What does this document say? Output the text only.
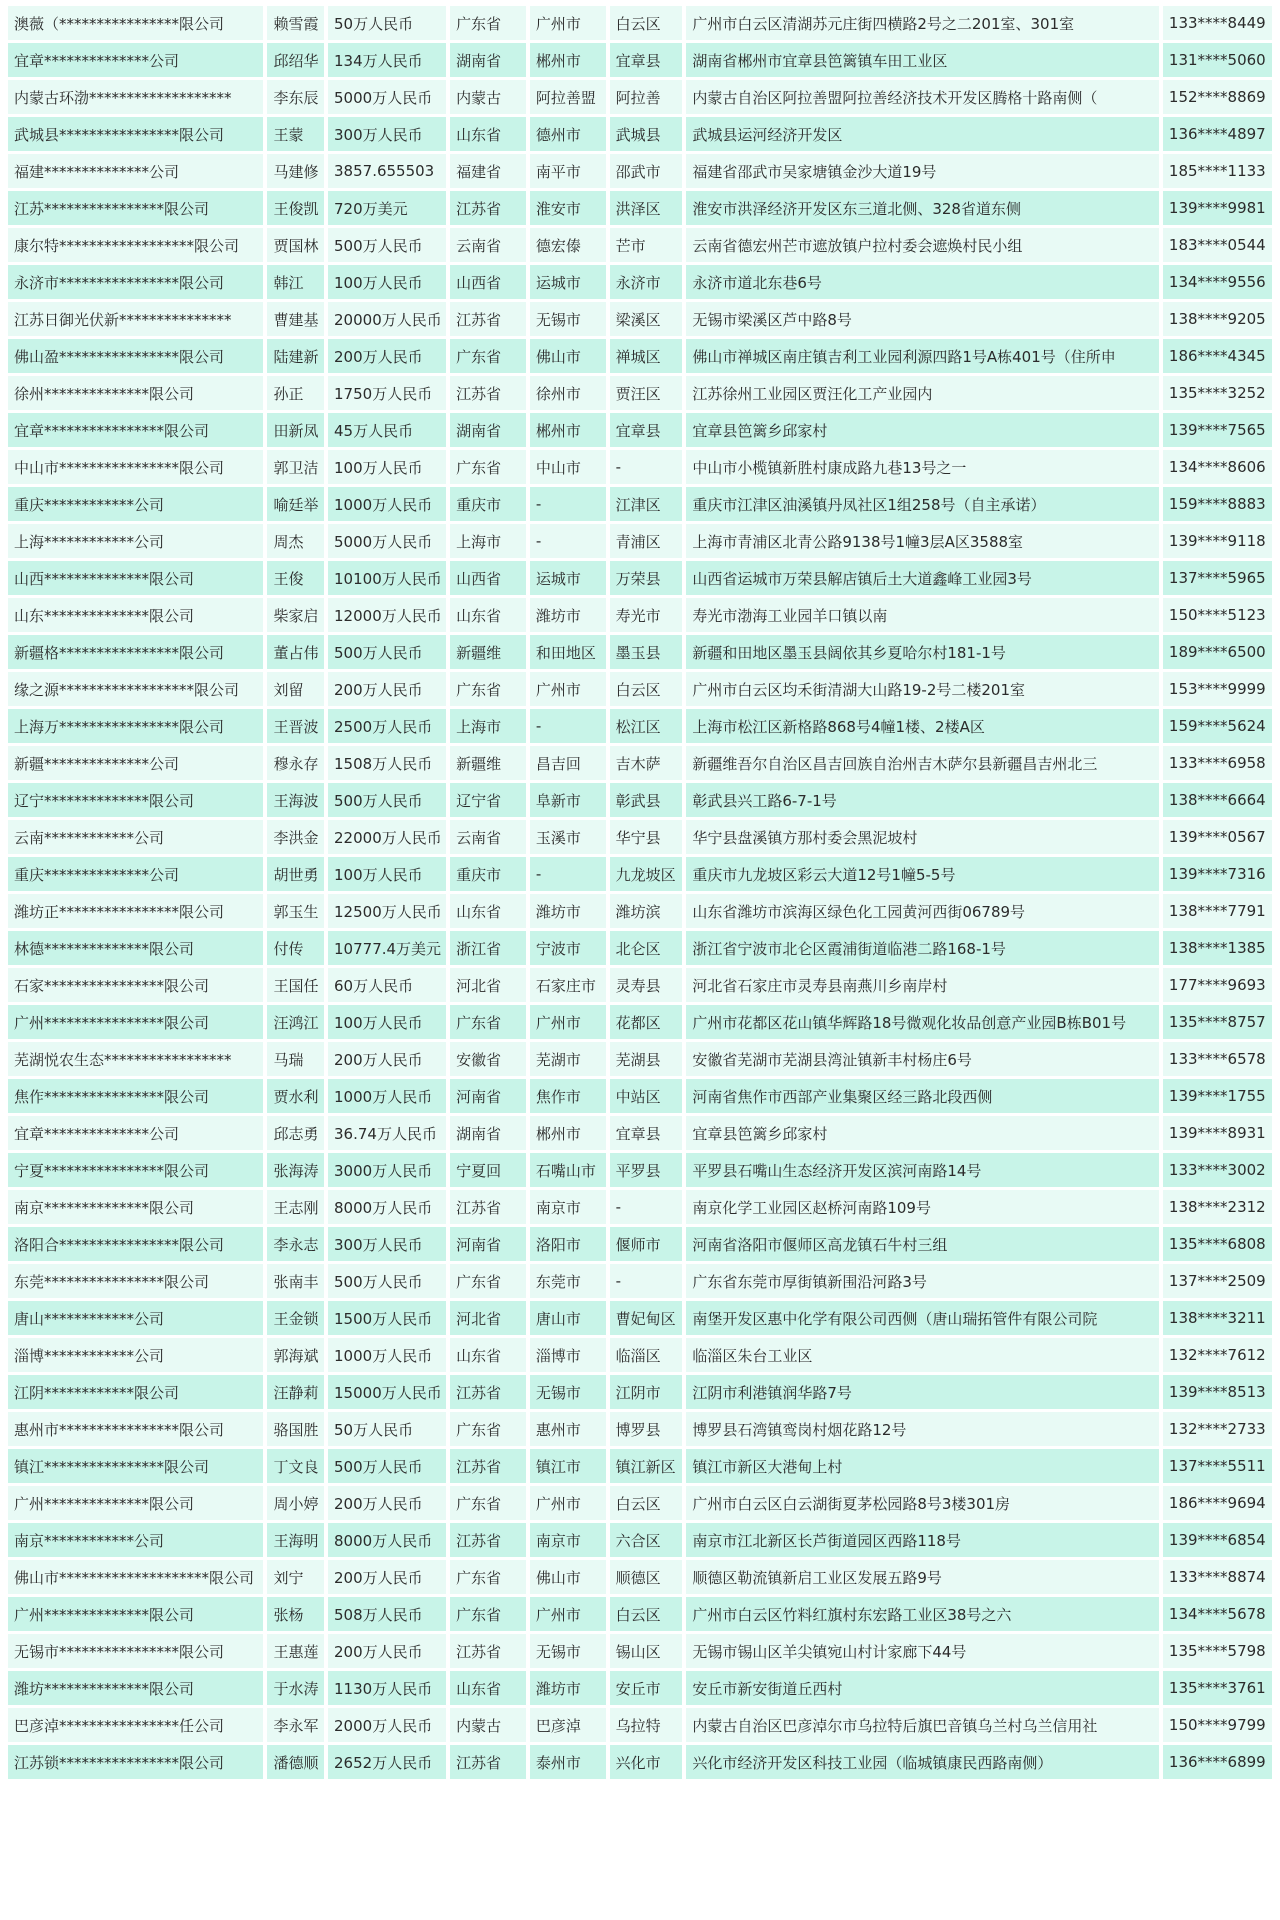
澳薇（****************限公司	赖雪霞	50万人民币	广东省	广州市	白云区	广州市白云区清湖苏元庄街四横路2号之二201室、301室	133****8449
宜章**************公司	邱绍华	134万人民币	湖南省	郴州市	宜章县	湖南省郴州市宜章县笆篱镇车田工业区	131****5060
内蒙古环渤*******************	李东辰	5000万人民币	内蒙古	阿拉善盟	阿拉善	内蒙古自治区阿拉善盟阿拉善经济技术开发区腾格十路南侧（	152****8869
武城县****************限公司	王蒙	300万人民币	山东省	德州市	武城县	武城县运河经济开发区	136****4897
福建**************公司	马建修	3857.655503	福建省	南平市	邵武市	福建省邵武市吴家塘镇金沙大道19号	185****1133
江苏****************限公司	王俊凯	720万美元	江苏省	淮安市	洪泽区	淮安市洪泽经济开发区东三道北侧、328省道东侧	139****9981
康尔特******************限公司	贾国林	500万人民币	云南省	德宏傣	芒市	云南省德宏州芒市遮放镇户拉村委会遮焕村民小组	183****0544
永济市****************限公司	韩江	100万人民币	山西省	运城市	永济市	永济市道北东巷6号	134****9556
江苏日御光伏新***************	曹建基	20000万人民币	江苏省	无锡市	梁溪区	无锡市梁溪区芦中路8号	138****9205
佛山盈****************限公司	陆建新	200万人民币	广东省	佛山市	禅城区	佛山市禅城区南庄镇吉利工业园利源四路1号A栋401号（住所申	186****4345
徐州**************限公司	孙正	1750万人民币	江苏省	徐州市	贾汪区	江苏徐州工业园区贾汪化工产业园内	135****3252
宜章****************限公司	田新凤	45万人民币	湖南省	郴州市	宜章县	宜章县笆篱乡邱家村	139****7565
中山市****************限公司	郭卫洁	100万人民币	广东省	中山市	-	中山市小榄镇新胜村康成路九巷13号之一	134****8606
重庆************公司	喻廷举	1000万人民币	重庆市	-	江津区	重庆市江津区油溪镇丹凤社区1组258号（自主承诺）	159****8883
上海************公司	周杰	5000万人民币	上海市	-	青浦区	上海市青浦区北青公路9138号1幢3层A区3588室	139****9118
山西**************限公司	王俊	10100万人民币	山西省	运城市	万荣县	山西省运城市万荣县解店镇后土大道鑫峰工业园3号	137****5965
山东**************限公司	柴家启	12000万人民币	山东省	潍坊市	寿光市	寿光市渤海工业园羊口镇以南	150****5123
新疆格****************限公司	董占伟	500万人民币	新疆维	和田地区	墨玉县	新疆和田地区墨玉县阔依其乡夏哈尔村181-1号	189****6500
缘之源******************限公司	刘留	200万人民币	广东省	广州市	白云区	广州市白云区均禾街清湖大山路19-2号二楼201室	153****9999
上海万****************限公司	王晋波	2500万人民币	上海市	-	松江区	上海市松江区新格路868号4幢1楼、2楼A区	159****5624
新疆**************公司	穆永存	1508万人民币	新疆维	昌吉回	吉木萨	新疆维吾尔自治区昌吉回族自治州吉木萨尔县新疆昌吉州北三	133****6958
辽宁**************限公司	王海波	500万人民币	辽宁省	阜新市	彰武县	彰武县兴工路6-7-1号	138****6664
云南************公司	李洪金	22000万人民币	云南省	玉溪市	华宁县	华宁县盘溪镇方那村委会黑泥坡村	139****0567
重庆**************公司	胡世勇	100万人民币	重庆市	-	九龙坡区	重庆市九龙坡区彩云大道12号1幢5-5号	139****7316
潍坊正****************限公司	郭玉生	12500万人民币	山东省	潍坊市	潍坊滨	山东省潍坊市滨海区绿色化工园黄河西街06789号	138****7791
林德**************限公司	付传	10777.4万美元	浙江省	宁波市	北仑区	浙江省宁波市北仑区霞浦街道临港二路168-1号	138****1385
石家****************限公司	王国任	60万人民币	河北省	石家庄市	灵寿县	河北省石家庄市灵寿县南燕川乡南岸村	177****9693
广州****************限公司	汪鸿江	100万人民币	广东省	广州市	花都区	广州市花都区花山镇华辉路18号微观化妆品创意产业园B栋B01号	135****8757
芜湖悦农生态*****************	马瑞	200万人民币	安徽省	芜湖市	芜湖县	安徽省芜湖市芜湖县湾沚镇新丰村杨庄6号	133****6578
焦作****************限公司	贾水利	1000万人民币	河南省	焦作市	中站区	河南省焦作市西部产业集聚区经三路北段西侧	139****1755
宜章**************公司	邱志勇	36.74万人民币	湖南省	郴州市	宜章县	宜章县笆篱乡邱家村	139****8931
宁夏****************限公司	张海涛	3000万人民币	宁夏回	石嘴山市	平罗县	平罗县石嘴山生态经济开发区滨河南路14号	133****3002
南京**************限公司	王志刚	8000万人民币	江苏省	南京市	-	南京化学工业园区赵桥河南路109号	138****2312
洛阳合****************限公司	李永志	300万人民币	河南省	洛阳市	偃师市	河南省洛阳市偃师区高龙镇石牛村三组	135****6808
东莞****************限公司	张南丰	500万人民币	广东省	东莞市	-	广东省东莞市厚街镇新围沿河路3号	137****2509
唐山************公司	王金锁	1500万人民币	河北省	唐山市	曹妃甸区	南堡开发区惠中化学有限公司西侧（唐山瑞拓管件有限公司院	138****3211
淄博************公司	郭海斌	1000万人民币	山东省	淄博市	临淄区	临淄区朱台工业区	132****7612
江阴************限公司	汪静莉	15000万人民币	江苏省	无锡市	江阴市	江阴市利港镇润华路7号	139****8513
惠州市****************限公司	骆国胜	50万人民币	广东省	惠州市	博罗县	博罗县石湾镇鸾岗村烟花路12号	132****2733
镇江****************限公司	丁文良	500万人民币	江苏省	镇江市	镇江新区	镇江市新区大港甸上村	137****5511
广州**************限公司	周小婷	200万人民币	广东省	广州市	白云区	广州市白云区白云湖街夏茅松园路8号3楼301房	186****9694
南京************公司	王海明	8000万人民币	江苏省	南京市	六合区	南京市江北新区长芦街道园区西路118号	139****6854
佛山市********************限公司	刘宁	200万人民币	广东省	佛山市	顺德区	顺德区勒流镇新启工业区发展五路9号	133****8874
广州**************限公司	张杨	508万人民币	广东省	广州市	白云区	广州市白云区竹料红旗村东宏路工业区38号之六	134****5678
无锡市****************限公司	王惠莲	200万人民币	江苏省	无锡市	锡山区	无锡市锡山区羊尖镇宛山村计家廊下44号	135****5798
潍坊**************限公司	于水涛	1130万人民币	山东省	潍坊市	安丘市	安丘市新安街道丘西村	135****3761
巴彦淖****************任公司	李永军	2000万人民币	内蒙古	巴彦淖	乌拉特	内蒙古自治区巴彦淖尔市乌拉特后旗巴音镇乌兰村乌兰信用社	150****9799
江苏锁****************限公司	潘德顺	2652万人民币	江苏省	泰州市	兴化市	兴化市经济开发区科技工业园（临城镇康民西路南侧）	136****6899
